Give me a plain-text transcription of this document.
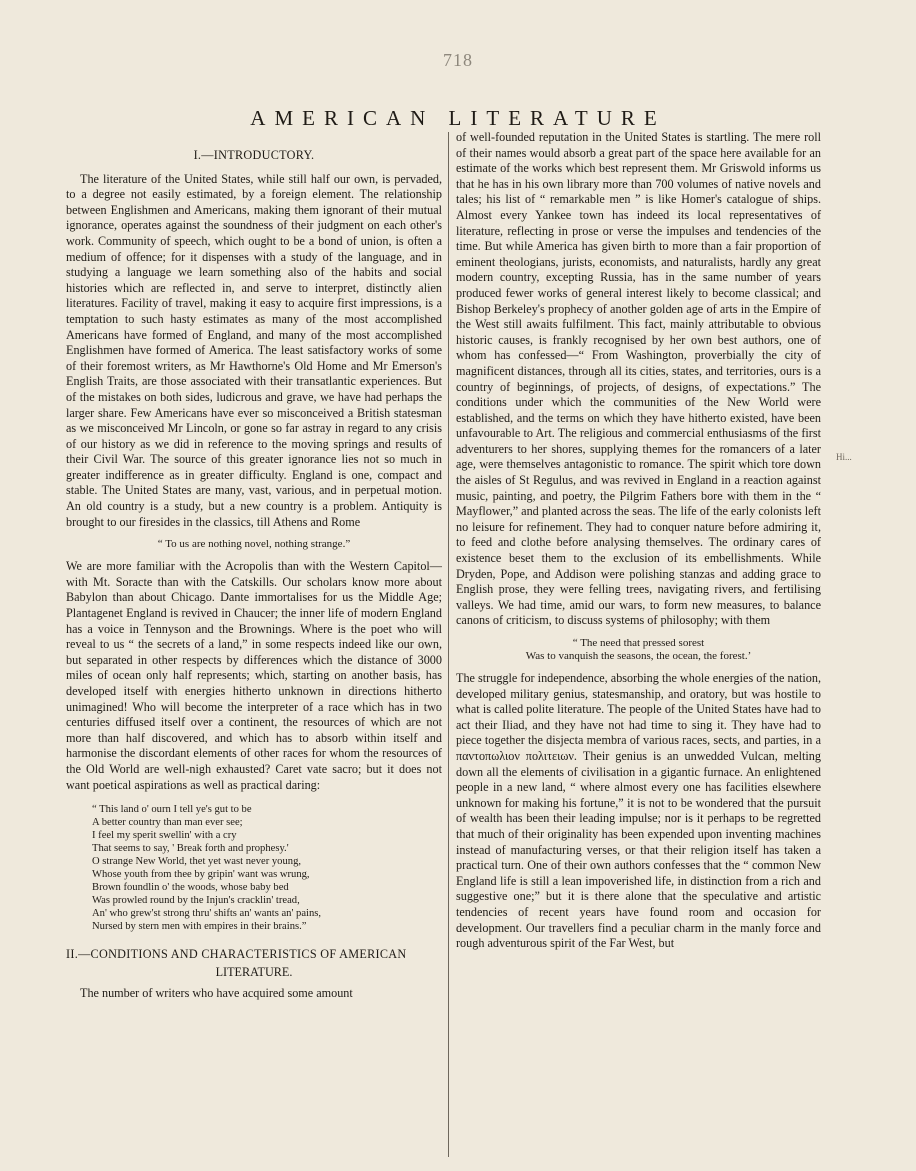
718
AMERICAN LITERATURE
Hi...
I.—INTRODUCTORY.

The literature of the United States, while still half our own, is pervaded, to a degree not easily estimated, by a foreign element. The relationship between Englishmen and Americans, making them ignorant of their mutual ignorance, operates against the soundness of their judgment on each other's work. Community of speech, which ought to be a bond of union, is often a medium of offence; for it dispenses with a study of the language, and in studying a language we learn something also of the habits and social histories which are reflected in, and serve to interpret, distinctly alien literatures. Facility of travel, making it easy to acquire first impressions, is a temptation to such hasty estimates as many of the most accomplished Americans have formed of England, and many of the most accomplished Englishmen have formed of America. The least satisfactory works of some of their foremost writers, as Mr Hawthorne's Old Home and Mr Emerson's English Traits, are those associated with their transatlantic experiences. But of the mistakes on both sides, ludicrous and grave, we have had perhaps the larger share. Few Americans have ever so misconceived a British statesman as we misconceived Mr Lincoln, or gone so far astray in regard to any crisis of our history as we did in reference to the moving springs and results of their Civil War. The source of this greater ignorance lies not so much in greater indifference as in greater difficulty. England is one, compact and stable. The United States are many, vast, various, and in perpetual motion. An old country is a study, but a new country is a problem. Antiquity is brought to our firesides in the classics, till Athens and Rome

“ To us are nothing novel, nothing strange.”

We are more familiar with the Acropolis than with the Western Capitol—with Mt. Soracte than with the Catskills. Our scholars know more about Babylon than about Chicago. Dante immortalises for us the Middle Age; Plantagenet England is revived in Chaucer; the inner life of modern England has a voice in Tennyson and the Brownings. Where is the poet who will reveal to us “ the secrets of a land,” in some respects indeed like our own, but separated in other respects by differences which the distance of 3000 miles of ocean only half represents; which, starting on another basis, has developed itself with energies hitherto unknown in directions hitherto unimagined! Who will become the interpreter of a race which has in two centuries diffused itself over a continent, the resources of which are not more than half discovered, and which has to absorb within itself and harmonise the discordant elements of other races for whom the resources of the Old World are well-nigh exhausted? Caret vate sacro; but it does not want poetical aspirations as well as practical daring:

“ This land o' ourn I tell ye's gut to be
A better country than man ever see;
I feel my sperit swellin' with a cry
That seems to say, ' Break forth and prophesy.'
O strange New World, thet yet wast never young,
Whose youth from thee by gripin' want was wrung,
Brown foundlin o' the woods, whose baby bed
Was prowled round by the Injun's cracklin' tread,
An' who grew'st strong thru' shifts an' wants an' pains,
Nursed by stern men with empires in their brains.”
II.—CONDITIONS AND CHARACTERISTICS OF AMERICAN
LITERATURE.

The number of writers who have acquired some amount

of well-founded reputation in the United States is startling. The mere roll of their names would absorb a great part of the space here available for an estimate of the works which best represent them. Mr Griswold informs us that he has in his own library more than 700 volumes of native novels and tales; his list of “ remarkable men ” is like Homer's catalogue of ships. Almost every Yankee town has indeed its local representatives of literature, reflecting in prose or verse the impulses and tendencies of the time. But while America has given birth to more than a fair proportion of eminent theologians, jurists, economists, and naturalists, hardly any great modern country, excepting Russia, has in the same number of years produced fewer works of general interest likely to become classical; and Bishop Berkeley's prophecy of another golden age of arts in the Empire of the West still awaits fulfilment. This fact, mainly attributable to obvious historic causes, is frankly recognised by her own best authors, one of whom has confessed—“ From Washington, proverbially the city of magnificent distances, through all its cities, states, and territories, ours is a country of beginnings, of projects, of designs, of expectations.” The conditions under which the communities of the New World were established, and the terms on which they have hitherto existed, have been unfavourable to Art. The religious and commercial enthusiasms of the first adventurers to her shores, supplying themes for the romancers of a later age, were themselves antagonistic to romance. The spirit which tore down the aisles of St Regulus, and was revived in England in a reaction against music, painting, and poetry, the Pilgrim Fathers bore with them in the “ Mayflower,” and planted across the seas. The life of the early colonists left no leisure for refinement. They had to conquer nature before admiring it, to feed and clothe before analysing themselves. The ordinary cares of existence beset them to the exclusion of its embellishments. While Dryden, Pope, and Addison were polishing stanzas and adding grace to English prose, they were felling trees, navigating rivers, and fertilising valleys. We had time, amid our wars, to form new measures, to balance canons of criticism, to discuss systems of philosophy; with them

“ The need that pressed sorest
Was to vanquish the seasons, the ocean, the forest.’

The struggle for independence, absorbing the whole energies of the nation, developed military genius, statesmanship, and oratory, but was hostile to what is called polite literature. The people of the United States have had to act their Iliad, and they have not had time to sing it. They have had to piece together the disjecta membra of various races, sects, and parties, in a παντοπωλιον πολιτειων. Their genius is an unwedded Vulcan, melting down all the elements of civilisation in a gigantic furnace. An enlightened people in a new land, “ where almost every one has facilities elsewhere unknown for making his fortune,” it is not to be wondered that the pursuit of wealth has been their leading impulse; nor is it perhaps to be regretted that much of their originality has been expended upon inventing machines instead of manufacturing verses, or that their religion itself has taken a practical turn. One of their own authors confesses that the “ common New England life is still a lean impoverished life, in distinction from a rich and suggestive one;” but it is there alone that the speculative and artistic tendencies of recent years have found room and occasion for development. Our travellers find a peculiar charm in the manly force and rough adventurous spirit of the Far West, but
